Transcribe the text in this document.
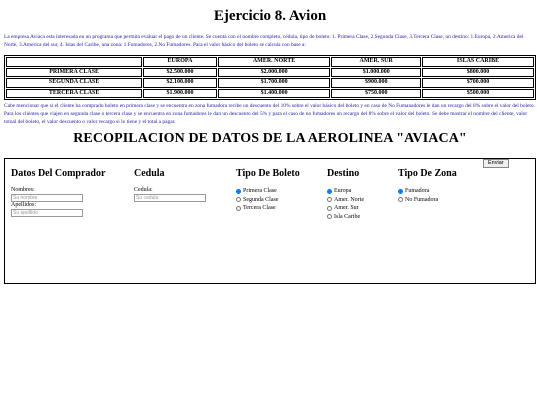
Ejercicio 8. Avion
La empresa Aviaca esta interesada en un programa que permita evaluar el pago de un cliente. Se cuenta con el nombre completo, cédula, tipo de boleto: 1. Primera Clase, 2.Segunda Clase, 3.Tercera Clase, un destino: 1.Europa, 2.America del Norte, 3.America del sur, 4. Islas del Caribe, una zona: 1.Fumadores, 2.No Fumadores. Para el valor básico del boleto se calcula con base a:
	EUROPA	AMER. NORTE	AMER. SUR	ISLAS CARIBE
PRIMERA CLASE	$2.500.000	$2.000.000	$1.000.000	$800.000
SEGUNDA CLASE	$2.100.000	$1.700.000	$900.000	$700.000
TERCERA CLASE	$1.900.000	$1.400.000	$750.000	$500.000
Cabe mencionar que si el cliente ha comprado boleto en primera clase y se encuentra en zona fumadora recibe un descuento del 10% sobre el valor básico del boleto y en caso de No Fumanadores le dan un recargo del 8% sobre el valor del boleto. Para los clientes que viajen en segunda clase o tercera clase y se encuentra en zona fumadores le dan un descuento del 5% y para el caso de no fumadores un recargo del 8% sobre el valor del boleto. Se debe mostrar el nombre del cliente, valor totoal del boleto, el valor descuento o valor recargo si lo tiene y el total a pagar.
RECOPILACION DE DATOS DE LA AEROLINEA "AVIACA"
Datos Del Comprador
Nombres:
Su nombre
Apellidos:
Su apellido
Cedula
Cedula:
Su cedula
Tipo De Boleto
Primera Clase
Segunda Clase
Tercera Clase
Destino
Europa
Amer. Norte
Amer. Sur
Isla Caribe
Tipo De Zona
Fumadora
No Fumadora
Enviar
